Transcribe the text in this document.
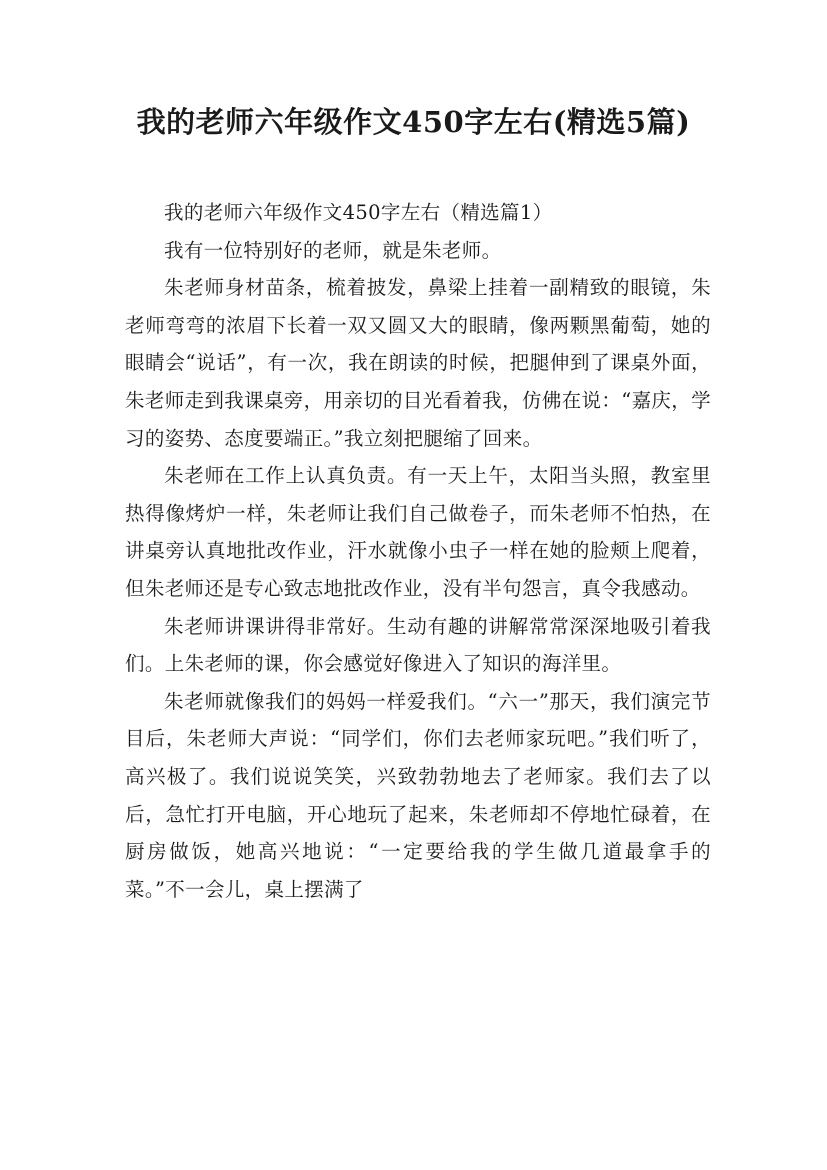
我的老师六年级作文450字左右(精选5篇)

我的老师六年级作文450字左右（精选篇1）

我有一位特别好的老师，就是朱老师。

朱老师身材苗条，梳着披发，鼻梁上挂着一副精致的眼镜，朱老师弯弯的浓眉下长着一双又圆又大的眼睛，像两颗黑葡萄，她的眼睛会“说话”，有一次，我在朗读的时候，把腿伸到了课桌外面，朱老师走到我课桌旁，用亲切的目光看着我，仿佛在说：“嘉庆，学习的姿势、态度要端正。”我立刻把腿缩了回来。

朱老师在工作上认真负责。有一天上午，太阳当头照，教室里热得像烤炉一样，朱老师让我们自己做卷子，而朱老师不怕热，在讲桌旁认真地批改作业，汗水就像小虫子一样在她的脸颊上爬着，但朱老师还是专心致志地批改作业，没有半句怨言，真令我感动。

朱老师讲课讲得非常好。生动有趣的讲解常常深深地吸引着我们。上朱老师的课，你会感觉好像进入了知识的海洋里。

朱老师就像我们的妈妈一样爱我们。“六一”那天，我们演完节目后，朱老师大声说：“同学们，你们去老师家玩吧。”我们听了，高兴极了。我们说说笑笑，兴致勃勃地去了老师家。我们去了以后，急忙打开电脑，开心地玩了起来，朱老师却不停地忙碌着，在厨房做饭，她高兴地说：“一定要给我的学生做几道最拿手的菜。”不一会儿，桌上摆满了
